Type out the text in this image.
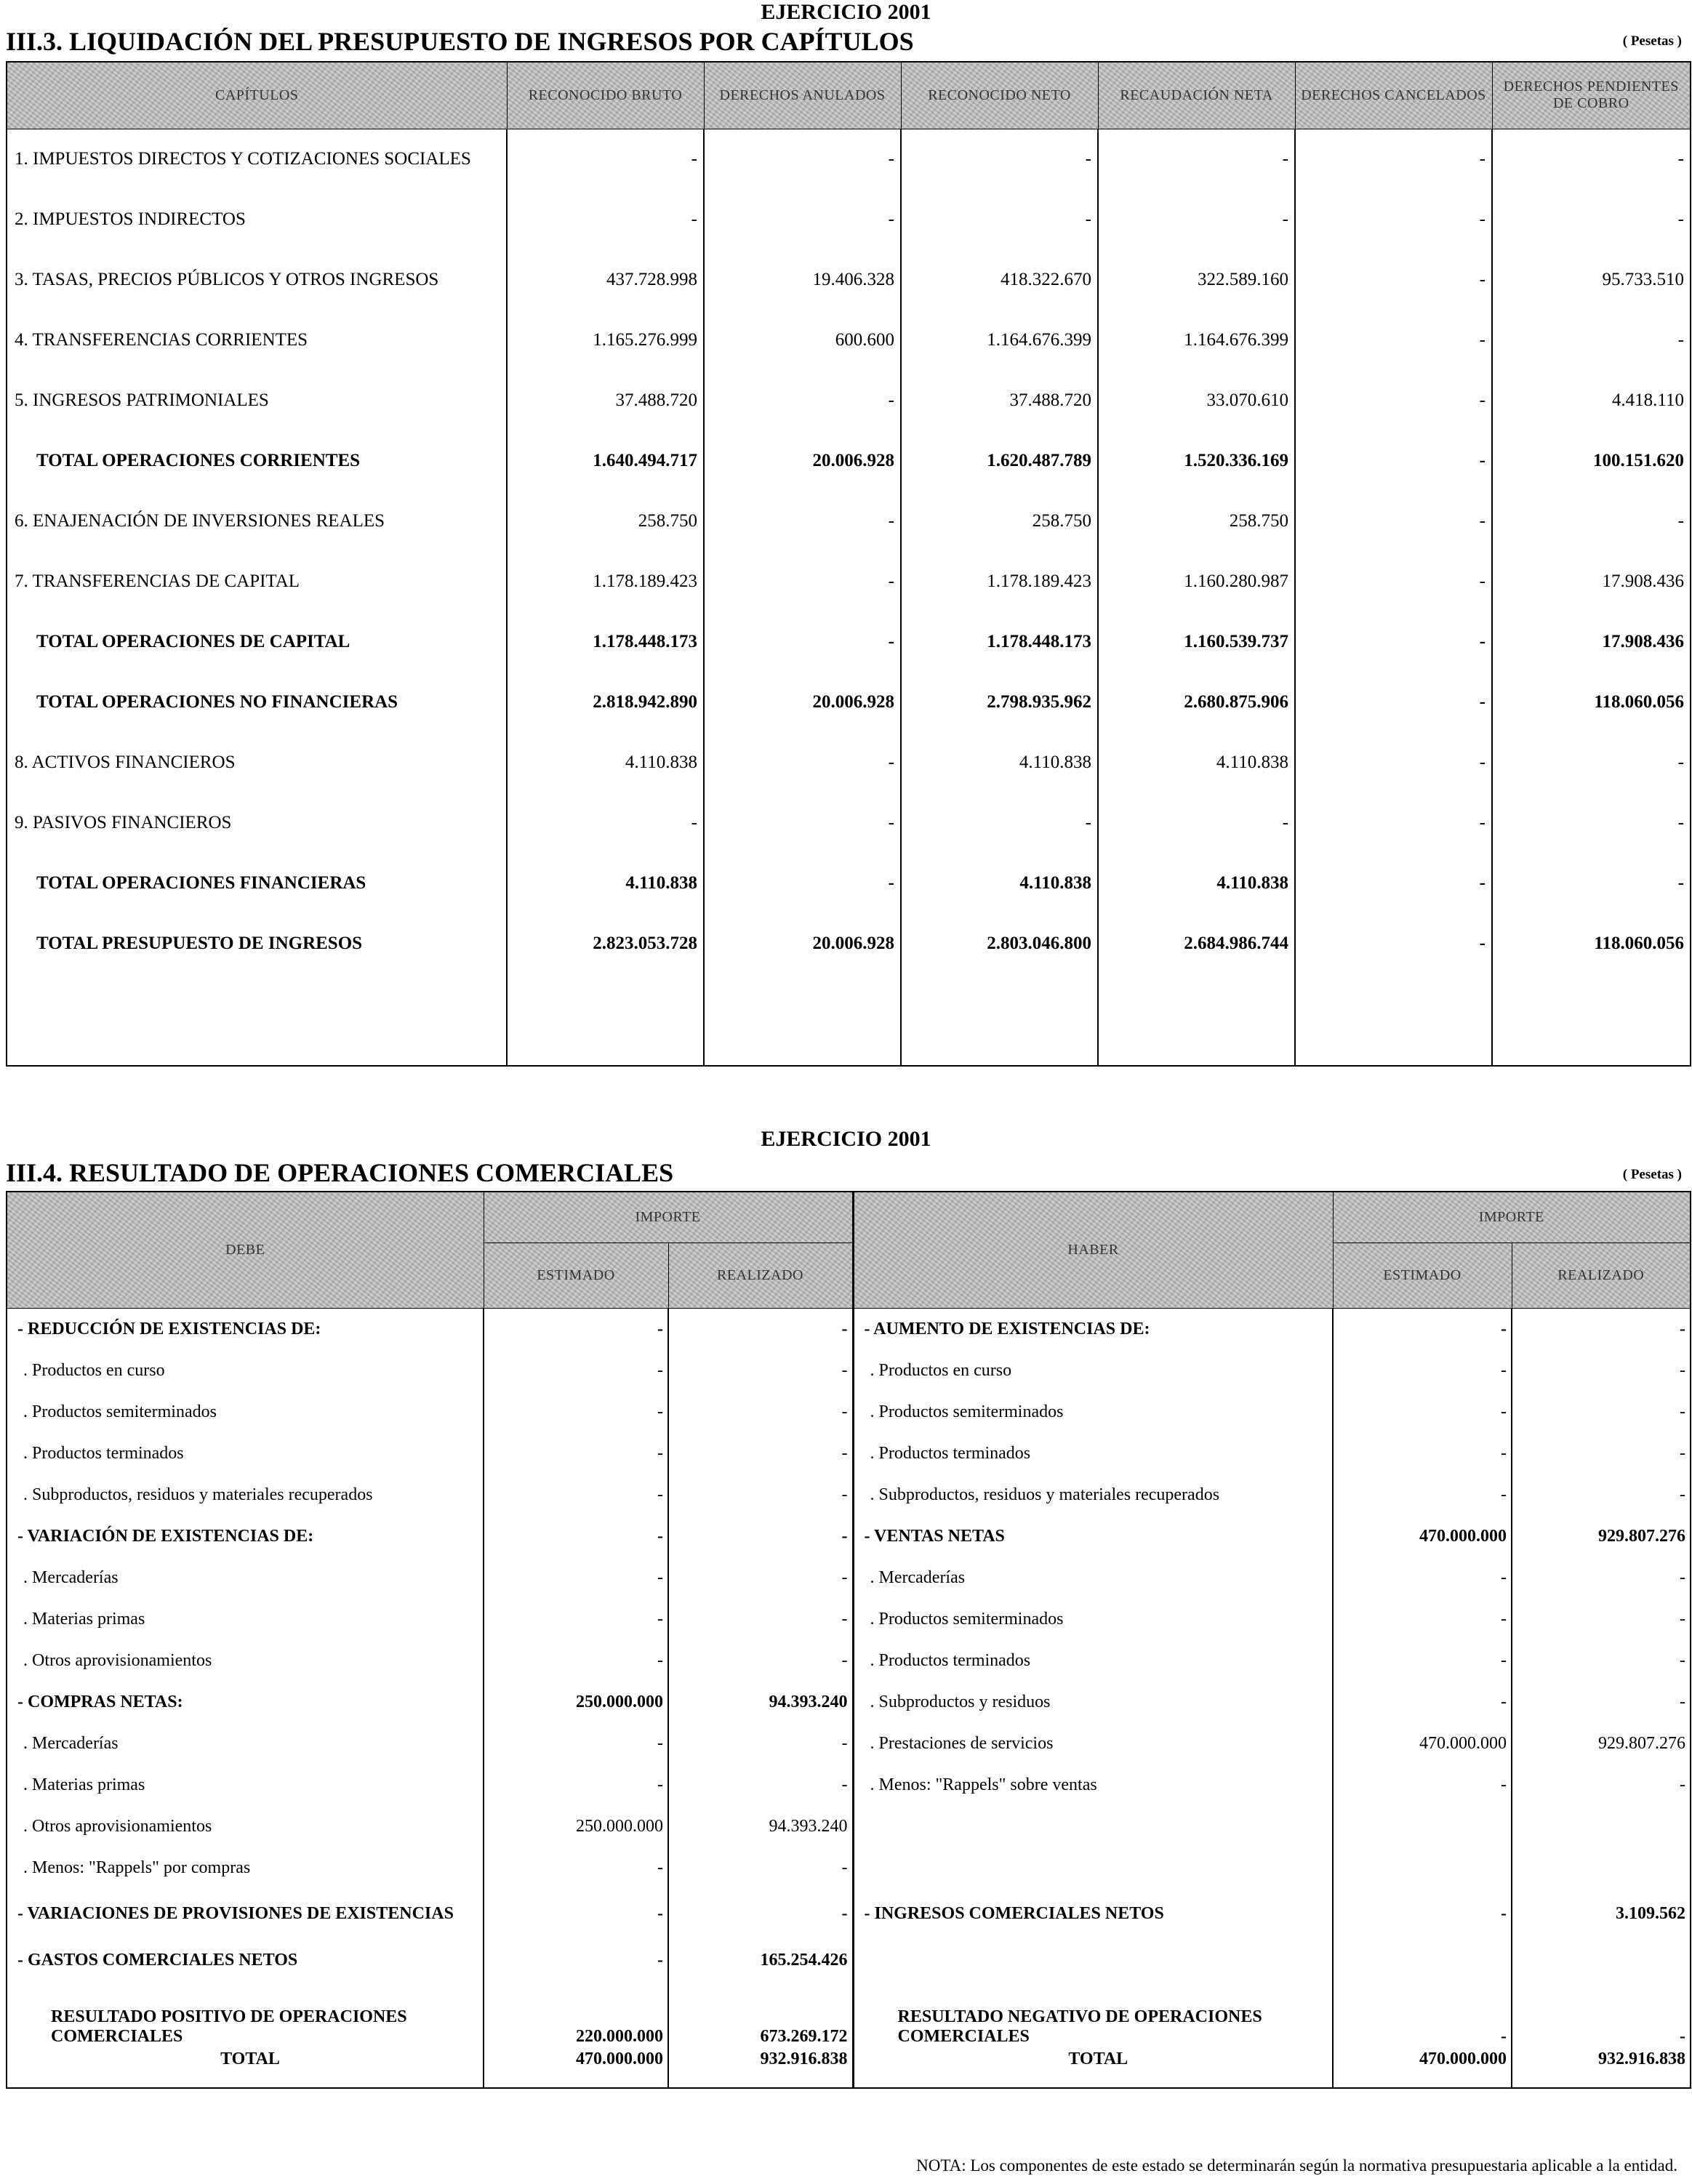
EJERCICIO 2001
III.3. LIQUIDACIÓN DEL PRESUPUESTO DE INGRESOS POR CAPÍTULOS	( Pesetas )
CAPÍTULOS	RECONOCIDO BRUTO	DERECHOS ANULADOS	RECONOCIDO NETO	RECAUDACIÓN NETA	DERECHOS CANCELADOS	DERECHOS PENDIENTES DE COBRO
1. IMPUESTOS DIRECTOS Y COTIZACIONES SOCIALES	-	-	-	-	-	-
2. IMPUESTOS INDIRECTOS	-	-	-	-	-	-
3. TASAS, PRECIOS PÚBLICOS Y OTROS INGRESOS	437.728.998	19.406.328	418.322.670	322.589.160	-	95.733.510
4. TRANSFERENCIAS CORRIENTES	1.165.276.999	600.600	1.164.676.399	1.164.676.399	-	-
5. INGRESOS PATRIMONIALES	37.488.720	-	37.488.720	33.070.610	-	4.418.110
TOTAL OPERACIONES CORRIENTES	1.640.494.717	20.006.928	1.620.487.789	1.520.336.169	-	100.151.620
6. ENAJENACIÓN DE INVERSIONES REALES	258.750	-	258.750	258.750	-	-
7. TRANSFERENCIAS DE CAPITAL	1.178.189.423	-	1.178.189.423	1.160.280.987	-	17.908.436
TOTAL OPERACIONES DE CAPITAL	1.178.448.173	-	1.178.448.173	1.160.539.737	-	17.908.436
TOTAL OPERACIONES NO FINANCIERAS	2.818.942.890	20.006.928	2.798.935.962	2.680.875.906	-	118.060.056
8. ACTIVOS FINANCIEROS	4.110.838	-	4.110.838	4.110.838	-	-
9. PASIVOS FINANCIEROS	-	-	-	-	-	-
TOTAL OPERACIONES FINANCIERAS	4.110.838	-	4.110.838	4.110.838	-	-
TOTAL PRESUPUESTO DE INGRESOS	2.823.053.728	20.006.928	2.803.046.800	2.684.986.744	-	118.060.056

EJERCICIO 2001
III.4. RESULTADO DE OPERACIONES COMERCIALES	( Pesetas )
DEBE	IMPORTE		HABER	IMPORTE	
	ESTIMADO	REALIZADO		ESTIMADO	REALIZADO
- REDUCCIÓN DE EXISTENCIAS DE:	-	-	- AUMENTO DE EXISTENCIAS DE:	-	-
. Productos en curso	-	-	. Productos en curso	-	-
. Productos semiterminados	-	-	. Productos semiterminados	-	-
. Productos terminados	-	-	. Productos terminados	-	-
. Subproductos, residuos y materiales recuperados	-	-	. Subproductos, residuos y materiales recuperados	-	-
- VARIACIÓN DE EXISTENCIAS DE:	-	-	- VENTAS NETAS	470.000.000	929.807.276
. Mercaderías	-	-	. Mercaderías	-	-
. Materias primas	-	-	. Productos semiterminados	-	-
. Otros aprovisionamientos	-	-	. Productos terminados	-	-
- COMPRAS NETAS:	250.000.000	94.393.240	. Subproductos y residuos	-	-
. Mercaderías	-	-	. Prestaciones de servicios	470.000.000	929.807.276
. Materias primas	-	-	. Menos: "Rappels" sobre ventas	-	-
. Otros aprovisionamientos	250.000.000	94.393.240			
. Menos: "Rappels" por compras	-	-			
- VARIACIONES DE PROVISIONES DE EXISTENCIAS	-	-	- INGRESOS COMERCIALES NETOS	-	3.109.562
- GASTOS COMERCIALES NETOS	-	165.254.426			
RESULTADO POSITIVO DE OPERACIONES COMERCIALES	220.000.000	673.269.172	RESULTADO NEGATIVO DE OPERACIONES COMERCIALES	-	-
TOTAL	470.000.000	932.916.838	TOTAL	470.000.000	932.916.838
NOTA: Los componentes de este estado se determinarán según la normativa presupuestaria aplicable a la entidad.
